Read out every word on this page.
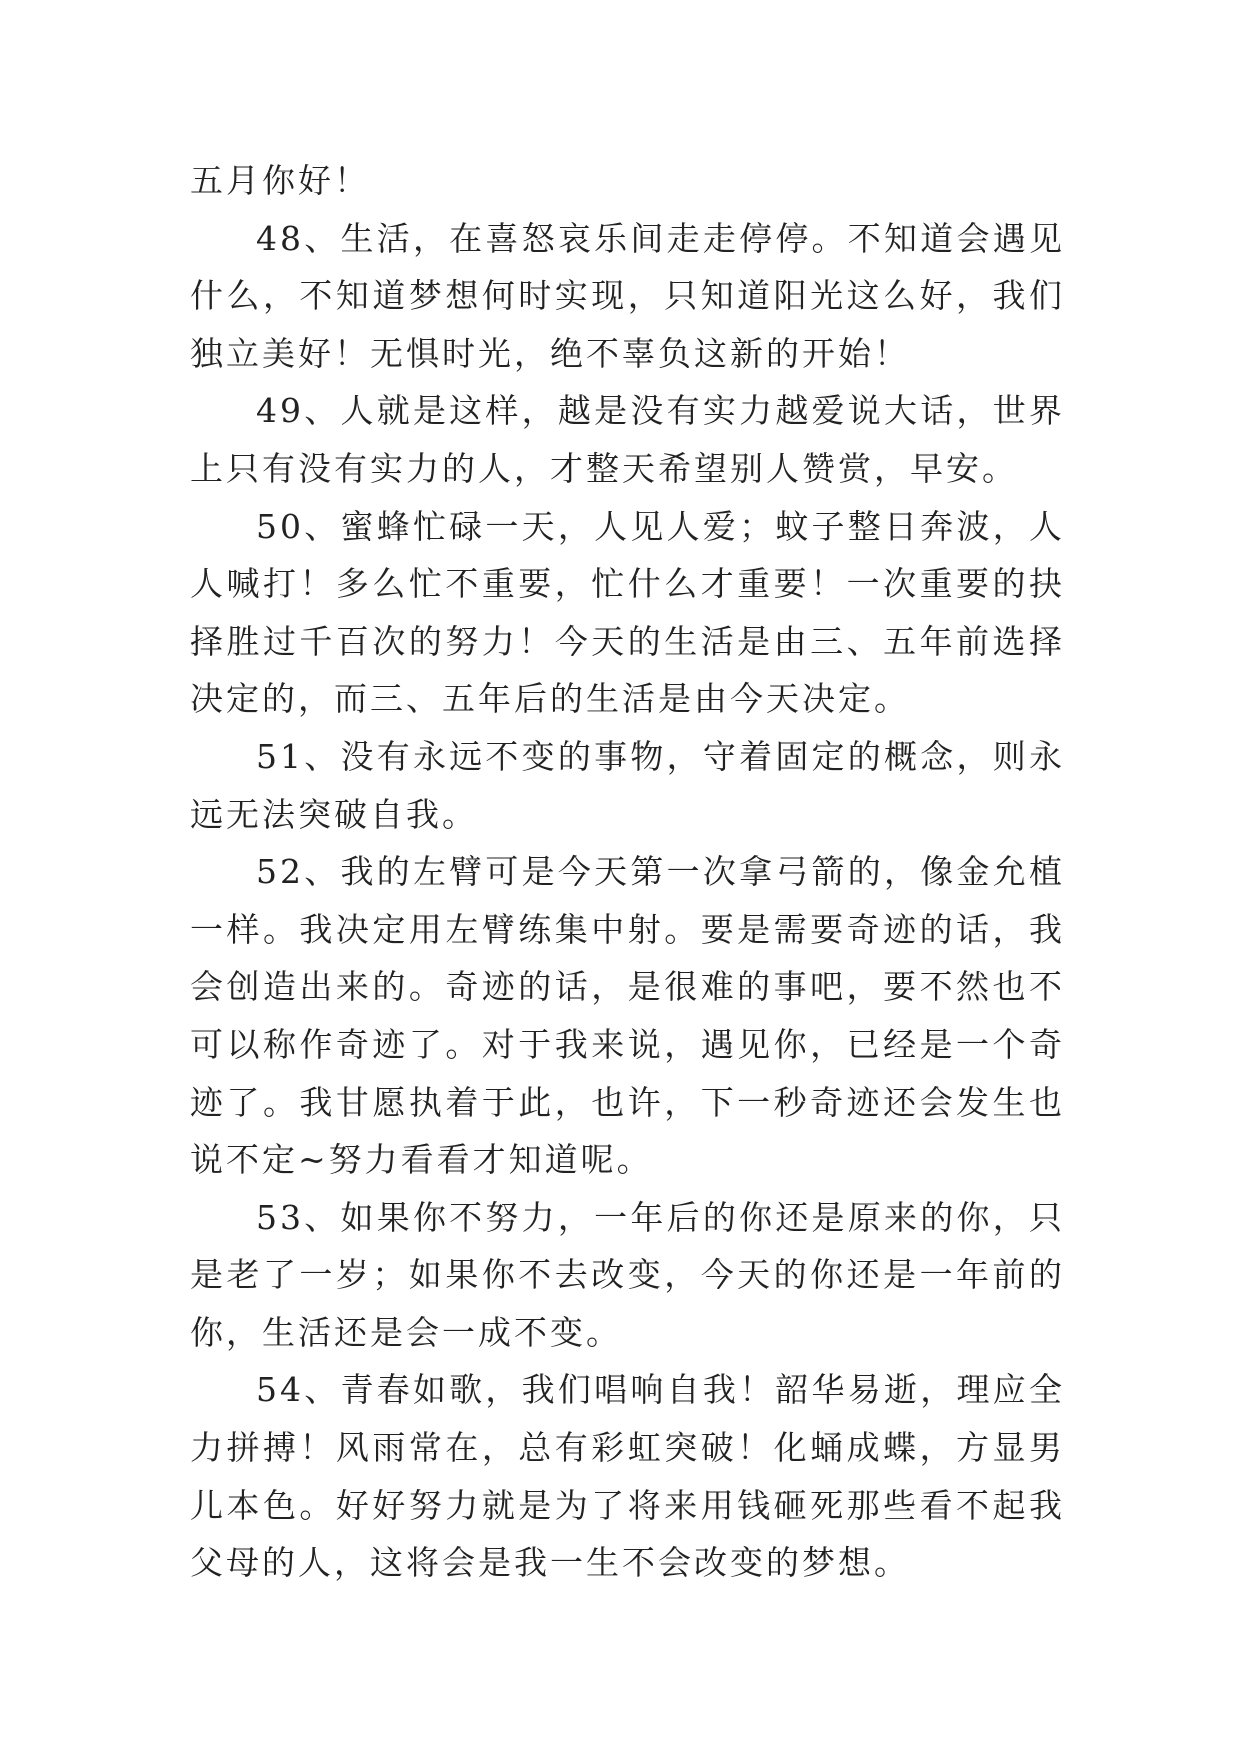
五月你好！

48、生活，在喜怒哀乐间走走停停。不知道会遇见什么，不知道梦想何时实现，只知道阳光这么好，我们独立美好！无惧时光，绝不辜负这新的开始！

49、人就是这样，越是没有实力越爱说大话，世界上只有没有实力的人，才整天希望别人赞赏，早安。

50、蜜蜂忙碌一天，人见人爱；蚊子整日奔波，人人喊打！多么忙不重要，忙什么才重要！一次重要的抉择胜过千百次的努力！今天的生活是由三、五年前选择决定的，而三、五年后的生活是由今天决定。

51、没有永远不变的事物，守着固定的概念，则永远无法突破自我。

52、我的左臂可是今天第一次拿弓箭的，像金允植一样。我决定用左臂练集中射。要是需要奇迹的话，我会创造出来的。奇迹的话，是很难的事吧，要不然也不可以称作奇迹了。对于我来说，遇见你，已经是一个奇迹了。我甘愿执着于此，也许，下一秒奇迹还会发生也说不定~努力看看才知道呢。

53、如果你不努力，一年后的你还是原来的你，只是老了一岁；如果你不去改变，今天的你还是一年前的你，生活还是会一成不变。

54、青春如歌，我们唱响自我！韶华易逝，理应全力拼搏！风雨常在，总有彩虹突破！化蛹成蝶，方显男儿本色。好好努力就是为了将来用钱砸死那些看不起我父母的人，这将会是我一生不会改变的梦想。
